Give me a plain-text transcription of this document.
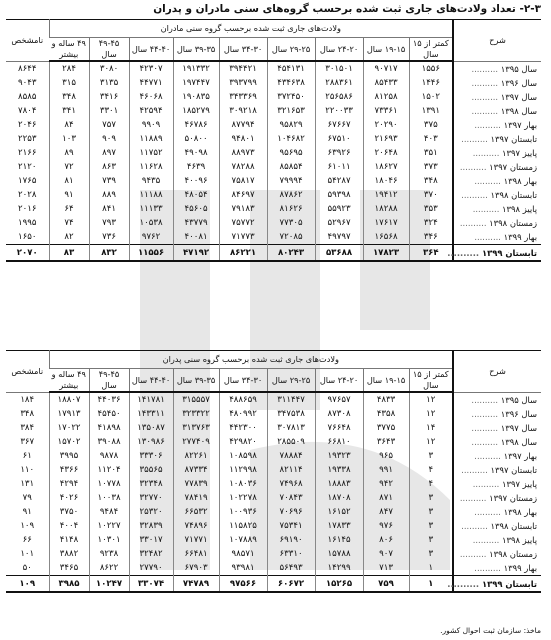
۲-۳- تعداد ولادت‌های جاری ثبت شده برحسب گروه‌های سنی مادران و پدران
شرح	ولادت‌های جاری ثبت شده برحسب گروه سنی مادران									نامشخص
	کمتر از ۱۵ سال	۱۹-۱۵ سال	۲۴-۲۰ سال	۲۹-۲۵ سال	۳۴-۳۰ سال	۳۹-۳۵ سال	۴۴-۴۰ سال	۴۹-۴۵ سال	۴۹ ساله و بیشتر	
سال ۱۳۹۵ ..........	۱۵۵۶	۹۰۷۱۷	۳۰۱۵۰۱	۴۵۴۱۳۱	۳۹۴۴۲۱	۱۹۱۳۳۲	۴۲۳۰۷	۳۰۸۰	۲۸۴	۸۶۴۴
سال ۱۳۹۶ ..........	۱۴۴۶	۸۵۴۳۳	۲۸۸۳۶۱	۴۳۴۶۳۸	۳۹۳۷۹۹	۱۹۷۴۴۷	۴۴۷۷۱	۳۱۳۵	۳۱۵	۹۰۴۳
سال ۱۳۹۷ ..........	۱۵۰۲	۸۱۲۵۸	۲۵۶۵۸۶	۳۷۲۴۵۰	۳۴۳۳۶۹	۱۹۰۸۳۵	۴۶۰۶۸	۳۴۱۶	۳۴۸	۸۵۸۵
سال ۱۳۹۸ ..........	۱۳۹۱	۷۳۳۶۱	۲۲۰۰۳۳	۳۲۱۶۵۳	۳۰۹۲۱۸	۱۸۵۲۷۹	۴۲۵۹۴	۳۳۰۱	۳۴۱	۷۸۰۴
بهار ۱۳۹۷ ..........	۳۷۵	۲۰۲۹۰	۶۷۶۶۷	۹۵۸۲۹	۸۷۷۹۴	۴۶۷۸۶	۹۹۰۹	۷۵۷	۸۴	۲۰۴۶
تابستان ۱۳۹۷ ..........	۴۰۳	۲۱۶۹۳	۶۷۵۱۰	۱۰۴۶۸۲	۹۴۸۰۱	۵۰۸۰۰	۱۱۸۸۹	۹۰۹	۱۰۳	۲۲۵۳
پاییز ۱۳۹۷ ..........	۳۵۱	۲۰۶۴۸	۶۳۹۲۶	۹۵۶۹۵	۸۸۹۷۳	۴۹۰۹۸	۱۱۷۵۲	۸۹۷	۸۹	۲۱۶۶
زمستان ۱۳۹۷ ..........	۳۷۳	۱۸۶۲۷	۶۱۰۱۱	۸۵۸۵۴	۷۸۲۸۸	۴۶۳۹	۱۱۶۲۸	۸۶۳	۷۲	۲۱۲۰
بهار ۱۳۹۸ ..........	۳۴۸	۱۸۰۴۶	۵۴۲۸۷	۷۹۹۹۴	۷۵۸۱۷	۴۰۰۹۶	۹۴۳۵	۷۳۹	۸۱	۱۷۶۵
تابستان ۱۳۹۸ ..........	۳۷۰	۱۹۴۱۲	۵۹۳۹۸	۸۷۸۶۲	۸۴۶۹۷	۴۸۰۵۴	۱۱۱۸۸	۸۸۹	۹۱	۲۰۲۸
پاییز ۱۳۹۸ ..........	۳۵۳	۱۸۲۸۸	۵۵۹۲۳	۸۱۶۲۶	۷۹۱۸۳	۴۵۶۰۵	۱۱۱۳۳	۸۴۱	۶۴	۲۰۱۶
زمستان ۱۳۹۸ ..........	۳۲۴	۱۷۶۱۷	۵۲۹۶۷	۷۷۳۰۵	۷۵۷۷۲	۴۳۷۷۹	۱۰۵۳۸	۷۹۳	۷۴	۱۹۹۵
بهار ۱۳۹۹ ..........	۳۴۶	۱۶۵۶۸	۴۹۷۹۷	۷۲۰۸۵	۷۱۷۷۳	۴۰۰۸۱	۹۷۶۲	۷۳۶	۸۲	۱۶۵۰
تابستان ۱۳۹۹ ..........	۳۶۴	۱۷۸۲۳	۵۳۶۸۸	۸۰۲۴۳	۸۶۲۲۱	۴۷۱۹۲	۱۱۵۵۶	۸۳۲	۸۳	۲۰۷۰
شرح	ولادت‌های جاری ثبت شده برحسب گروه سنی پدران									نامشخص
	کمتر از ۱۵ سال	۱۹-۱۵ سال	۲۴-۲۰ سال	۲۹-۲۵ سال	۳۴-۳۰ سال	۳۹-۳۵ سال	۴۴-۴۰ سال	۴۹-۴۵ سال	۴۹ ساله و بیشتر	
سال ۱۳۹۵ ..........	۱۲	۴۸۳۳	۹۷۶۵۷	۳۱۱۴۴۷	۴۸۸۶۵۹	۳۱۵۵۵۷	۱۴۱۷۸۱	۴۴۰۳۶	۱۸۸۰۷	۱۸۴
سال ۱۳۹۶ ..........	۱۲	۴۳۵۸	۸۷۳۰۸	۳۴۷۵۳۸	۴۸۰۹۹۲	۳۲۳۳۲۲	۱۴۳۳۱۱	۴۵۴۵۰	۱۷۹۱۳	۳۴۸
سال ۱۳۹۷ ..........	۱۴	۳۷۷۵	۷۶۶۴۸	۳۰۷۸۱۳	۴۴۲۳۰۰	۳۱۳۷۶۳	۱۳۵۰۸۷	۴۱۸۹۸	۱۷۰۲۲	۳۸۴
سال ۱۳۹۸ ..........	۱۲	۳۶۴۳	۶۶۸۱۰	۲۸۵۵۰۹	۴۲۹۸۲۰	۲۷۷۴۰۹	۱۳۰۹۸۶	۳۹۰۸۸	۱۵۷۰۲	۳۶۷
بهار ۱۳۹۷ ..........	۳	۹۶۵	۱۹۳۲۳	۷۸۸۸۴	۱۰۸۵۹۸	۸۲۲۶۱	۳۳۳۰۶	۹۸۷۸	۳۹۹۵	۶۱
تابستان ۱۳۹۷ ..........	۴	۹۹۱	۱۹۳۳۸	۸۲۱۱۴	۱۱۲۹۹۸	۸۷۳۳۴	۳۵۵۶۵	۱۱۲۰۴	۴۳۶۶	۱۱۰
پاییز ۱۳۹۷ ..........	۴	۹۴۲	۱۸۸۸۳	۷۴۹۶۸	۱۰۸۰۳۶	۷۷۸۳۹	۳۲۳۴۸	۱۰۷۷۸	۴۲۹۴	۱۳۱
زمستان ۱۳۹۷ ..........	۳	۸۷۱	۱۸۷۰۸	۷۰۸۴۳	۱۰۲۲۷۸	۷۸۴۱۹	۳۲۷۷۰	۱۰۰۳۸	۴۰۲۶	۷۹
بهار ۱۳۹۸ ..........	۳	۸۴۷	۱۶۱۵۲	۷۰۶۹۶	۱۰۰۹۳۶	۶۶۵۳۲	۲۵۳۲۰	۹۴۸۴	۳۷۵۰	۹۱
تابستان ۱۳۹۸ ..........	۳	۹۷۶	۱۷۸۳۳	۷۵۳۴۱	۱۱۵۸۲۵	۷۴۸۹۶	۳۲۸۳۹	۱۰۲۲۷	۴۰۰۴	۱۰۹
پاییز ۱۳۹۸ ..........	۳	۸۰۶	۱۶۱۴۵	۶۹۱۹۰	۱۰۷۸۸۹	۷۱۷۷۱	۳۳۰۱۷	۱۰۳۰۱	۴۱۴۸	۶۶
زمستان ۱۳۹۸ ..........	۳	۹۰۷	۱۵۷۸۸	۶۳۳۱۰	۹۸۵۷۱	۶۶۴۸۱	۳۲۴۸۲	۹۲۳۸	۳۸۸۲	۱۰۱
بهار ۱۳۹۹ ..........	۱	۷۱۳	۱۴۲۹۹	۵۶۴۹۳	۹۳۹۸۱	۶۷۹۰۳	۲۷۷۹۰	۸۶۲۲	۳۴۶۵	۵۰
تابستان ۱۳۹۹ ..........	۱	۷۵۹	۱۵۲۶۵	۶۰۶۷۲	۹۷۵۶۶	۷۴۷۸۹	۳۳۰۷۴	۱۰۲۴۷	۳۹۸۵	۱۰۹
ماخذ: سازمان ثبت احوال کشور.
